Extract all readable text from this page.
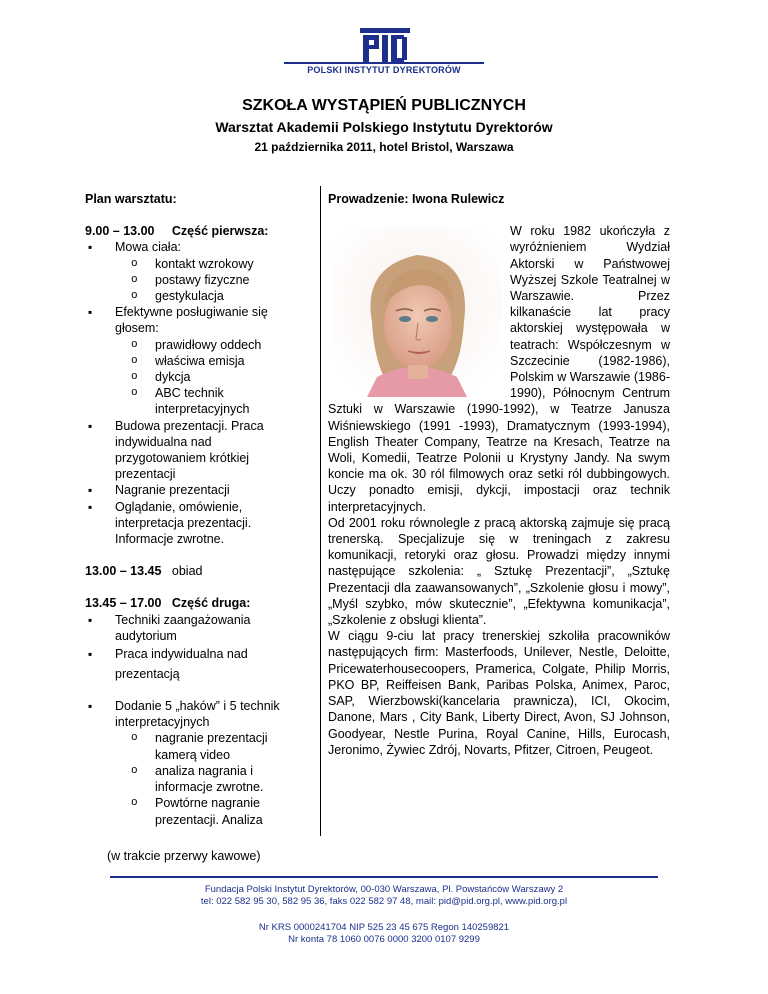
POLSKI INSTYTUT DYREKTORÓW
SZKOŁA WYSTĄPIEŃ PUBLICZNYCH
Warsztat Akademii Polskiego Instytutu Dyrektorów
21 października 2011, hotel Bristol, Warszawa
Plan warsztatu:
9.00 – 13.00 Część pierwsza:
▪ Mowa ciała:
o kontakt wzrokowy
o postawy fizyczne
o gestykulacja
▪ Efektywne posługiwanie się głosem:
o prawidłowy oddech
o właściwa emisja
o dykcja
o ABC technik interpretacyjnych
▪ Budowa prezentacji. Praca indywidualna nad przygotowaniem krótkiej prezentacji
▪ Nagranie prezentacji
▪ Oglądanie, omówienie, interpretacja prezentacji. Informacje zwrotne.
13.00 – 13.45 obiad
13.45 – 17.00 Część druga:
▪ Techniki zaangażowania audytorium
▪ Praca indywidualna nad prezentacją
▪ Dodanie 5 „haków” i 5 technik interpretacyjnych
o nagranie prezentacji kamerą video
o analiza nagrania i informacje zwrotne.
o Powtórne nagranie prezentacji. Analiza
(w trakcie przerwy kawowe)
Prowadzenie: Iwona Rulewicz
W roku 1982 ukończyła z wyróżnieniem Wydział Aktorski w Państwowej Wyższej Szkole Teatralnej w Warszawie. Przez kilkanaście lat pracy aktorskiej występowała w teatrach: Współczesnym w Szczecinie (1982-1986), Polskim w Warszawie (1986-1990), Północnym Centrum Sztuki w Warszawie (1990-1992), w Teatrze Janusza Wiśniewskiego (1991 -1993), Dramatycznym (1993-1994), English Theater Company, Teatrze na Kresach, Teatrze na Woli, Komedii, Teatrze Polonii u Krystyny Jandy. Na swym koncie ma ok. 30 ról filmowych oraz setki ról dubbingowych. Uczy ponadto emisji, dykcji, impostacji oraz technik interpretacyjnych.
Od 2001 roku równolegle z pracą aktorską zajmuje się pracą trenerską. Specjalizuje się w treningach z zakresu komunikacji, retoryki oraz głosu. Prowadzi między innymi następujące szkolenia: „ Sztukę Prezentacji”, „Sztukę Prezentacji dla zaawansowanych”, „Szkolenie głosu i mowy”, „Myśl szybko, mów skutecznie”, „Efektywna komunikacja”, „Szkolenie z obsługi klienta”.
W ciągu 9-ciu lat pracy trenerskiej szkoliła pracowników następujących firm: Masterfoods, Unilever, Nestle, Deloitte, Pricewaterhousecoopers, Pramerica, Colgate, Philip Morris, PKO BP, Reiffeisen Bank, Paribas Polska, Animex, Paroc, SAP, Wierzbowski(kancelaria prawnicza), ICI, Okocim, Danone, Mars , City Bank, Liberty Direct, Avon, SJ Johnson, Goodyear, Nestle Purina, Royal Canine, Hills, Eurocash, Jeronimo, Żywiec Zdrój, Novarts, Pfitzer, Citroen, Peugeot.
Fundacja Polski Instytut Dyrektorów, 00-030 Warszawa, Pl. Powstańców Warszawy 2
tel: 022 582 95 30, 582 95 36, faks 022 582 97 48, mail: pid@pid.org.pl, www.pid.org.pl
Nr KRS 0000241704 NIP 525 23 45 675 Regon 140259821
Nr konta 78 1060 0076 0000 3200 0107 9299
